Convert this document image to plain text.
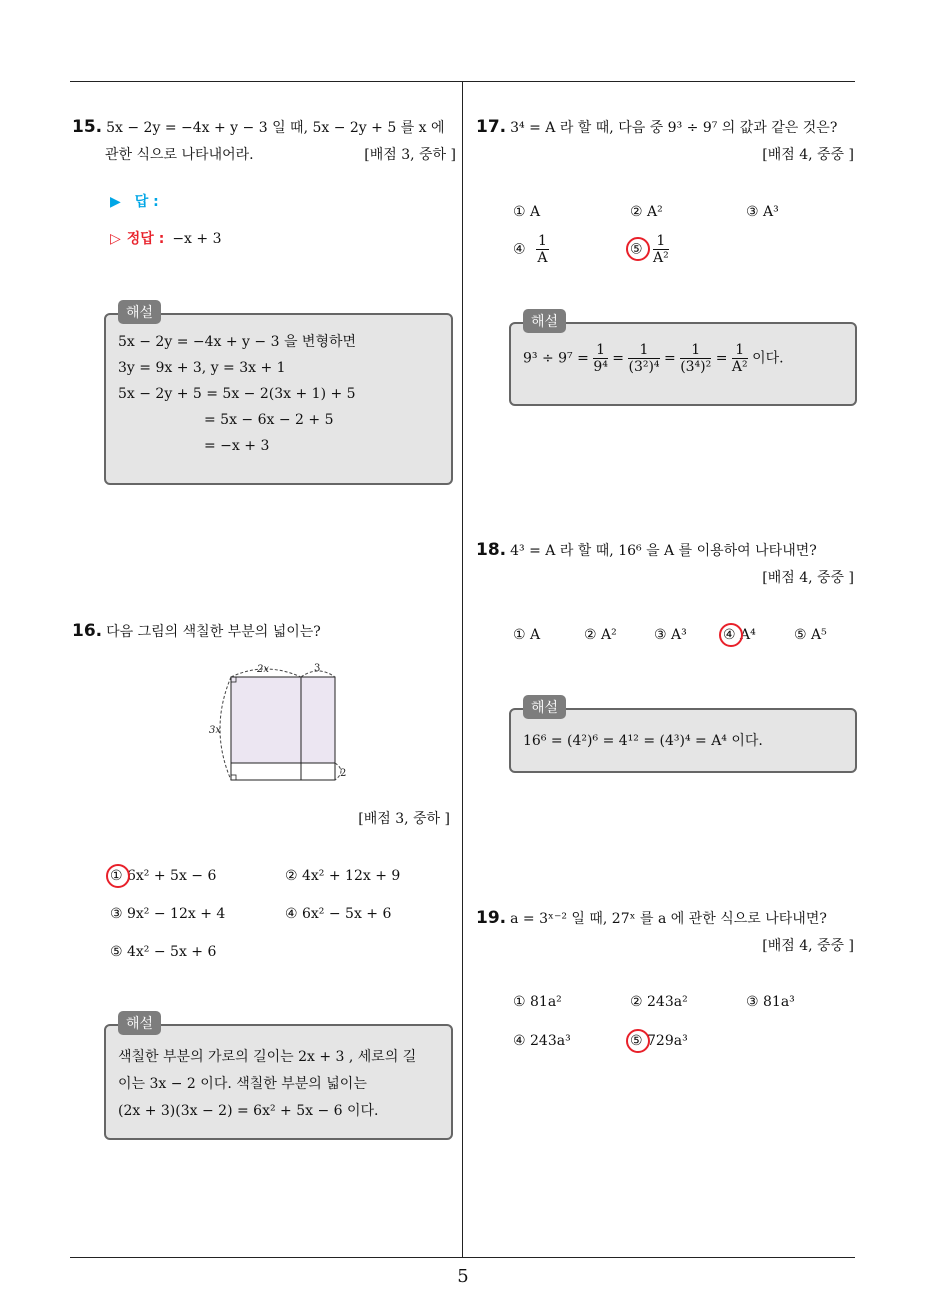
5
15. 5x − 2y = −4x + y − 3 일 때, 5x − 2y + 5 를 x 에
관한 식으로 나타내어라.	[배점 3, 중하 ]
▶ 답 :
▷ 정답 : −x + 3
해설
5x − 2y = −4x + y − 3 을 변형하면
3y = 9x + 3, y = 3x + 1
5x − 2y + 5 = 5x − 2(3x + 1) + 5
= 5x − 6x − 2 + 5
= −x + 3
16. 다음 그림의 색칠한 부분의 넓이는?
2x	3
3x
2
[배점 3, 중하 ]
① 6x² + 5x − 6	② 4x² + 12x + 9
③ 9x² − 12x + 4	④ 6x² − 5x + 6
⑤ 4x² − 5x + 6
해설
색칠한 부분의 가로의 길이는 2x + 3 , 세로의 길
이는 3x − 2 이다. 색칠한 부분의 넓이는
(2x + 3)(3x − 2) = 6x² + 5x − 6 이다.
17. 3⁴ = A 라 할 때, 다음 중 9³ ÷ 9⁷ 의 값과 같은 것은?
[배점 4, 중중 ]
① A	② A²	③ A³
④ $\frac{1}{A}$	⑤ $\frac{1}{\text{A²}}$
해설
$9^3 \div 9^7 = \frac{1}{\text{9⁴}} = \frac{1}{\text{(3²)⁴}} = \frac{1}{\text{(3⁴)²}} = \frac{1}{\text{A²}}$ 이다.
18. 4³ = A 라 할 때, 16⁶ 을 A 를 이용하여 나타내면?
[배점 4, 중중 ]
① A	② A²	③ A³	④ A⁴	⑤ A⁵
해설
16⁶ = (4²)⁶ = 4¹² = (4³)⁴ = A⁴ 이다.
19. a = 3ˣ⁻² 일 때, 27ˣ 를 a 에 관한 식으로 나타내면?
[배점 4, 중중 ]
① 81a²	② 243a²	③ 81a³
④ 243a³	⑤ 729a³
